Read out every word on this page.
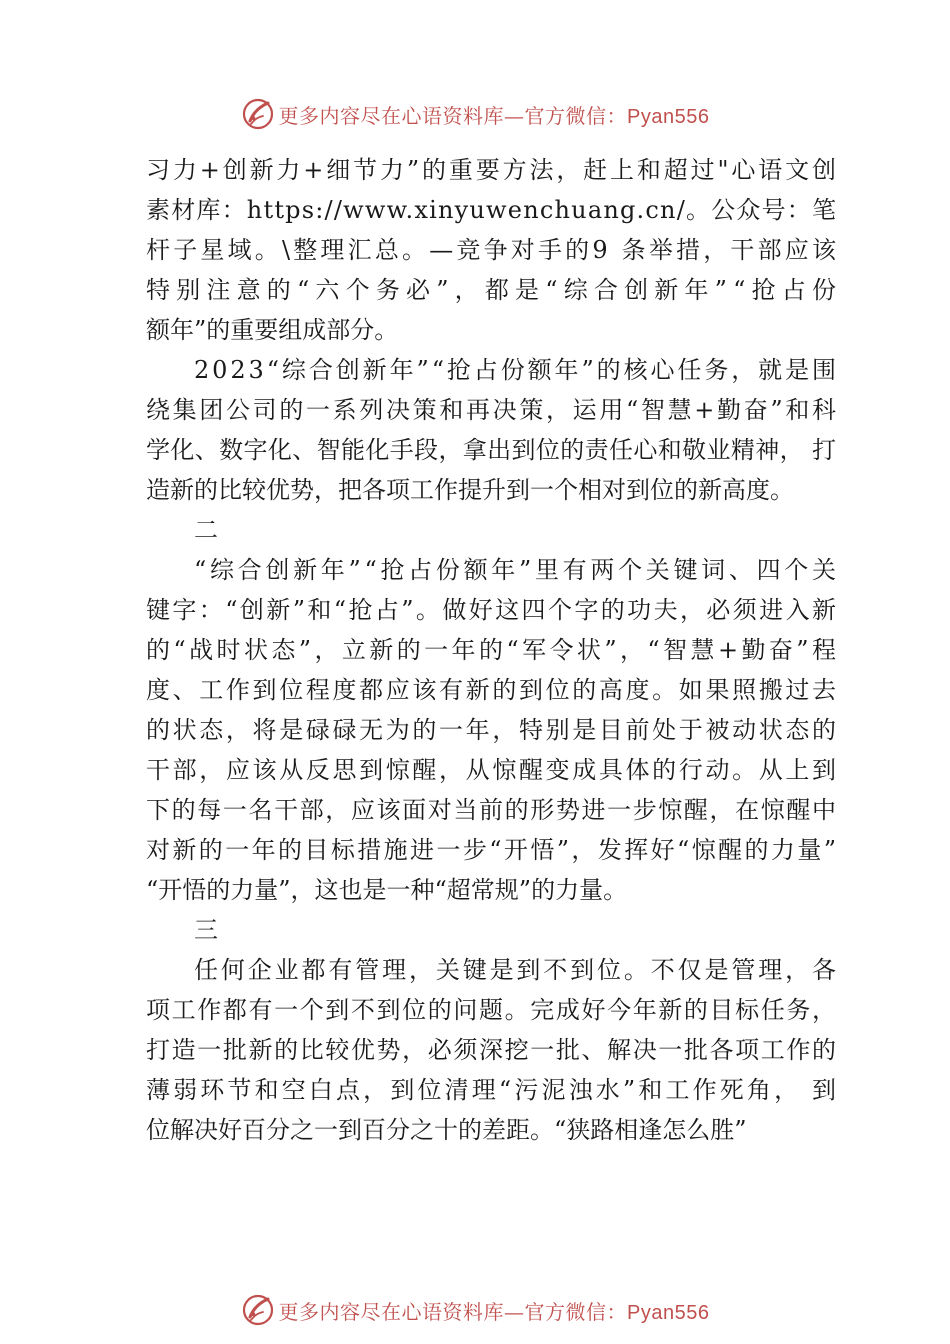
更多内容尽在心语资料库—官方微信：Pyan556
习力+创新力+细节力”的重要方法，赶上和超过"心语文创
素材库：https://www.xinyuwenchuang.cn/。公众号：笔
杆子星域。\整理汇总。—竞争对手的9 条举措，干部应该
特别注意的“六个务必”，都是“综合创新年”“抢占份
额年”的重要组成部分。
2023“综合创新年”“抢占份额年”的核心任务，就是围
绕集团公司的一系列决策和再决策，运用“智慧+勤奋”和科
学化、数字化、智能化手段，拿出到位的责任心和敬业精神， 打
造新的比较优势，把各项工作提升到一个相对到位的新高度。
二
“综合创新年”“抢占份额年”里有两个关键词、四个关
键字：“创新”和“抢占”。做好这四个字的功夫，必须进入新
的“战时状态”，立新的一年的“军令状”，“智慧+勤奋”程
度、工作到位程度都应该有新的到位的高度。如果照搬过去
的状态，将是碌碌无为的一年，特别是目前处于被动状态的
干部，应该从反思到惊醒，从惊醒变成具体的行动。从上到
下的每一名干部，应该面对当前的形势进一步惊醒，在惊醒中
对新的一年的目标措施进一步“开悟”，发挥好“惊醒的力量”
“开悟的力量”，这也是一种“超常规”的力量。
三
任何企业都有管理，关键是到不到位。不仅是管理，各
项工作都有一个到不到位的问题。完成好今年新的目标任务，
打造一批新的比较优势，必须深挖一批、解决一批各项工作的
薄弱环节和空白点，到位清理“污泥浊水”和工作死角， 到
位解决好百分之一到百分之十的差距。“狭路相逢怎么胜”
更多内容尽在心语资料库—官方微信：Pyan556
